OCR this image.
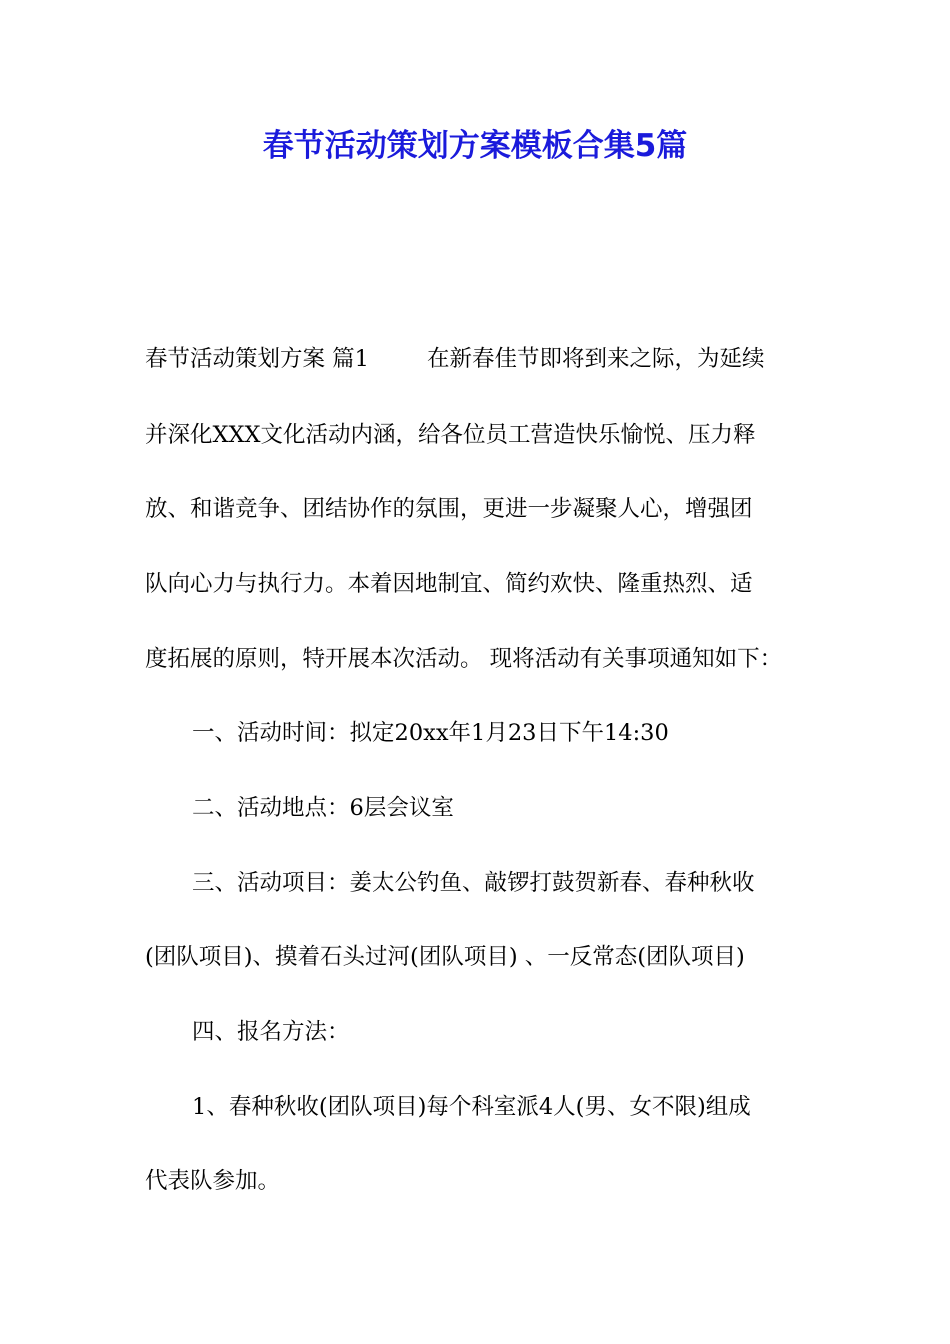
春节活动策划方案模板合集5篇
春节活动策划方案 篇1	在新春佳节即将到来之际，为延续
并深化XXX文化活动内涵，给各位员工营造快乐愉悦、压力释
放、和谐竞争、团结协作的氛围，更进一步凝聚人心，增强团
队向心力与执行力。本着因地制宜、简约欢快、隆重热烈、适
度拓展的原则，特开展本次活动。 现将活动有关事项通知如下：
一、活动时间：拟定20xx年1月23日下午14:30
二、活动地点：6层会议室
三、活动项目：姜太公钓鱼、敲锣打鼓贺新春、春种秋收
(团队项目)、摸着石头过河(团队项目) 、一反常态(团队项目)
四、报名方法：
1、春种秋收(团队项目)每个科室派4人(男、女不限)组成
代表队参加。
